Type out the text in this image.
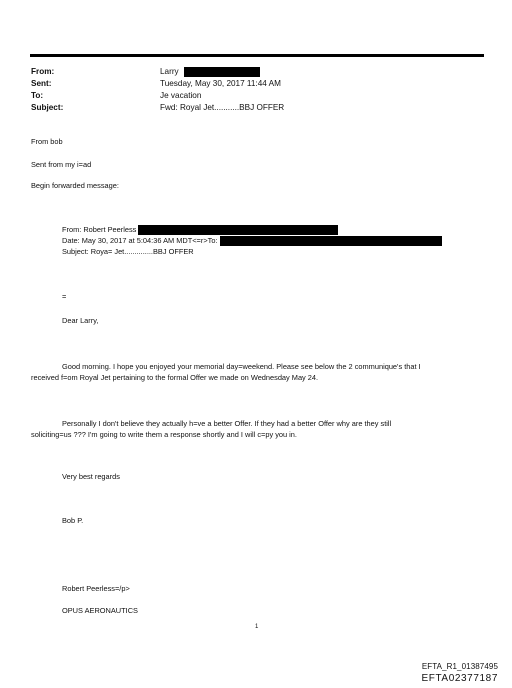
From:
Sent:
To:
Subject:
Larry
Tuesday, May 30, 2017 11:44 AM
Je vacation
Fwd: Royal Jet...........BBJ OFFER
From bob
Sent from my i=ad
Begin forwarded message:
From: Robert Peerless
Date: May 30, 2017 at 5:04:36 AM MDT<=r>To:
Subject: Roya= Jet..............BBJ OFFER
=
Dear Larry,
Good morning. I hope you enjoyed your memorial day=weekend. Please see below the 2 communique's that I
received f=om Royal Jet pertaining to the formal Offer we made on Wednesday May 24.
Personally I don't believe they actually h=ve a better Offer. If they had a better Offer why are they still
soliciting=us ??? I'm going to write them a response shortly and I will c=py you in.
Very best regards
Bob P.
Robert Peerless=/p>
OPUS AERONAUTICS
1
EFTA_R1_01387495
EFTA02377187
